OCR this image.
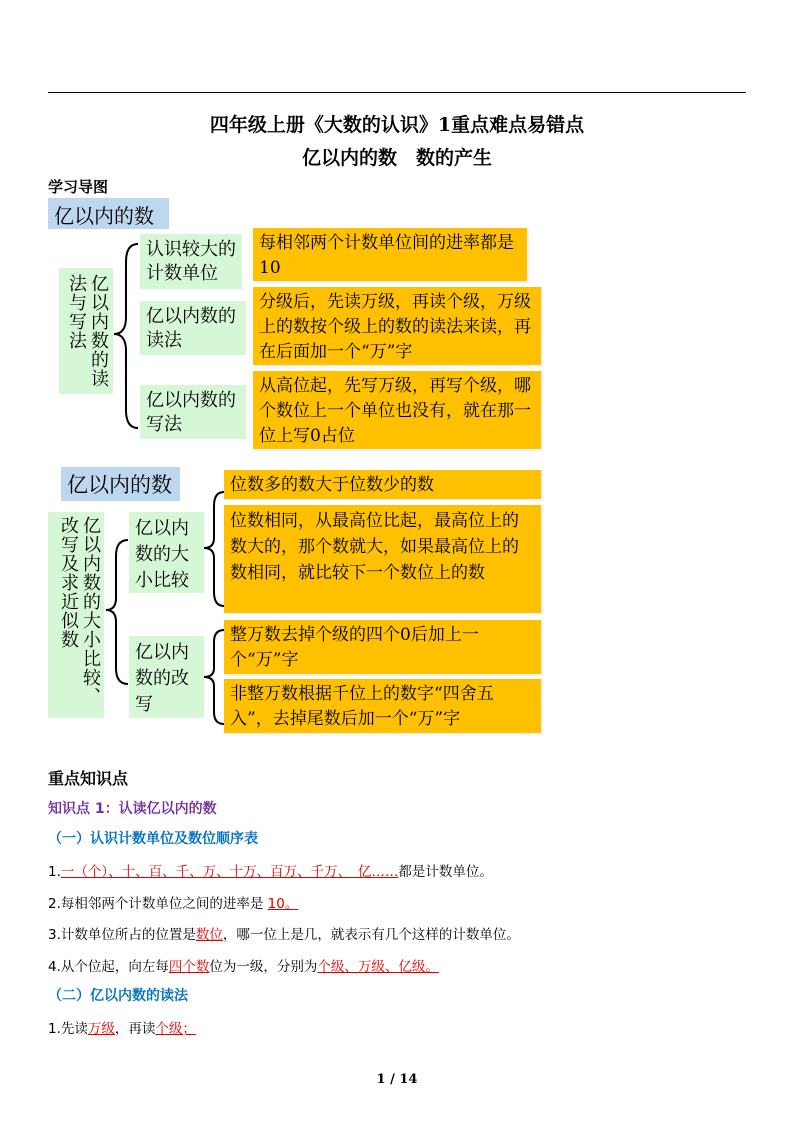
四年级上册《大数的认识》1重点难点易错点
亿以内的数　数的产生
学习导图
亿以内的数
亿以内数的读法与写法
认识较大的计数单位
每相邻两个计数单位间的进率都是10
亿以内数的读法
分级后，先读万级，再读个级，万级上的数按个级上的数的读法来读，再在后面加一个“万”字
亿以内数的写法
从高位起，先写万级，再写个级，哪个数位上一个单位也没有，就在那一位上写0占位
亿以内的数
亿以内数的大小比较、改写及求近似数	亿以内数的大小比较
位数多的数大于位数少的数
位数相同，从最高位比起，最高位上的数大的，那个数就大，如果最高位上的数相同，就比较下一个数位上的数
亿以内数的改写
整万数去掉个级的四个0后加上一个“万”字
非整万数根据千位上的数字“四舍五入”，去掉尾数后加一个“万”字
重点知识点
知识点 1：认读亿以内的数
（一）认识计数单位及数位顺序表
1.一（个）、十、百、千、万、十万、百万、千万、　亿……都是计数单位。
2.每相邻两个计数单位之间的进率是 10。
3.计数单位所占的位置是数位，哪一位上是几，就表示有几个这样的计数单位。
4.从个位起，向左每四个数位为一级，分别为个级、万级、亿级。
（二）亿以内数的读法
1.先读万级，再读个级；
1 / 14
